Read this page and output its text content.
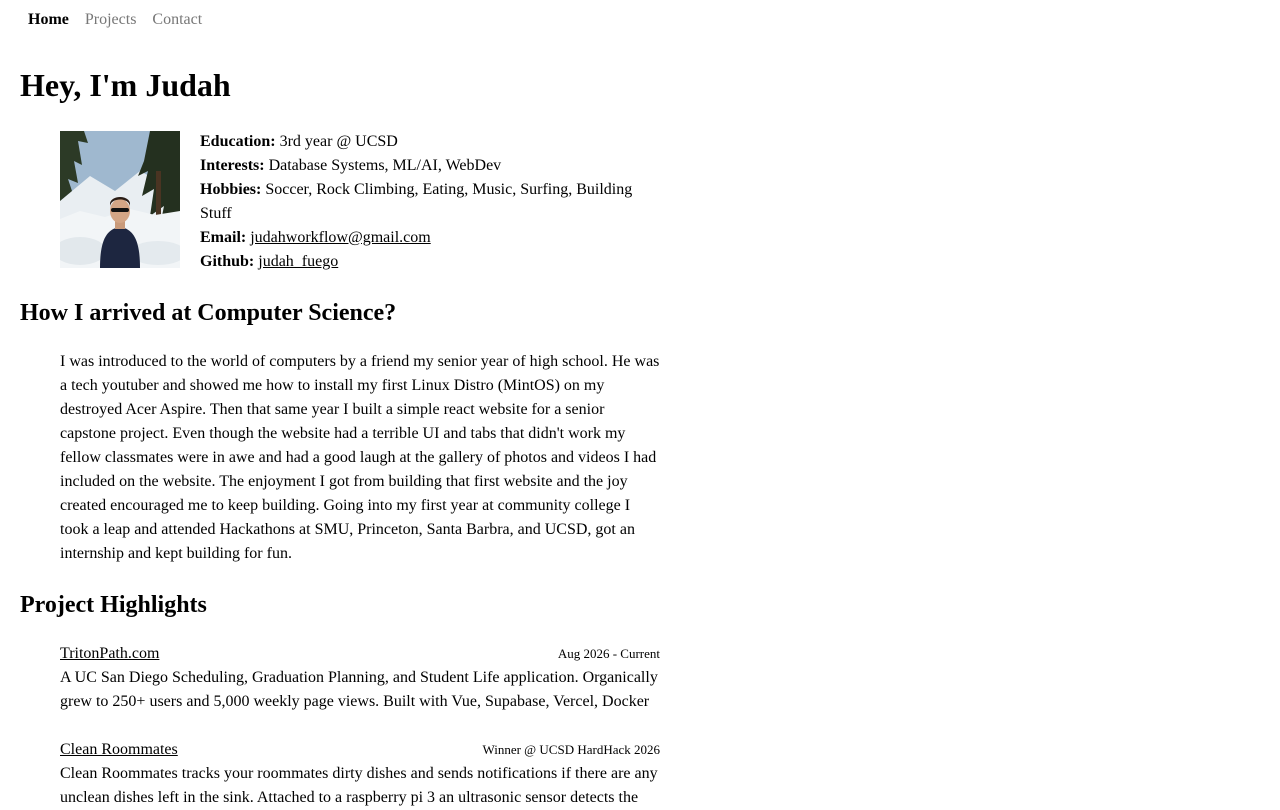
Home Projects Contact
Hey, I'm Judah
Education: 3rd year @ UCSD
Interests: Database Systems, ML/AI, WebDev
Hobbies: Soccer, Rock Climbing, Eating, Music, Surfing, Building Stuff
Email: judahworkflow@gmail.com
Github: judah_fuego
How I arrived at Computer Science?

I was introduced to the world of computers by a friend my senior year of high school. He was a tech youtuber and showed me how to install my first Linux Distro (MintOS) on my destroyed Acer Aspire. Then that same year I built a simple react website for a senior capstone project. Even though the website had a terrible UI and tabs that didn't work my fellow classmates were in awe and had a good laugh at the gallery of photos and videos I had included on the website. The enjoyment I got from building that first website and the joy created encouraged me to keep building. Going into my first year at community college I took a leap and attended Hackathons at SMU, Princeton, Santa Barbra, and UCSD, got an internship and kept building for fun.

Project Highlights
TritonPath.com	Aug 2026 - Current

A UC San Diego Scheduling, Graduation Planning, and Student Life application. Organically grew to 250+ users and 5,000 weekly page views. Built with Vue, Supabase, Vercel, Docker

Clean Roommates	Winner @ UCSD HardHack 2026

Clean Roommates tracks your roommates dirty dishes and sends notifications if there are any unclean dishes left in the sink. Attached to a raspberry pi 3 an ultrasonic sensor detects the
